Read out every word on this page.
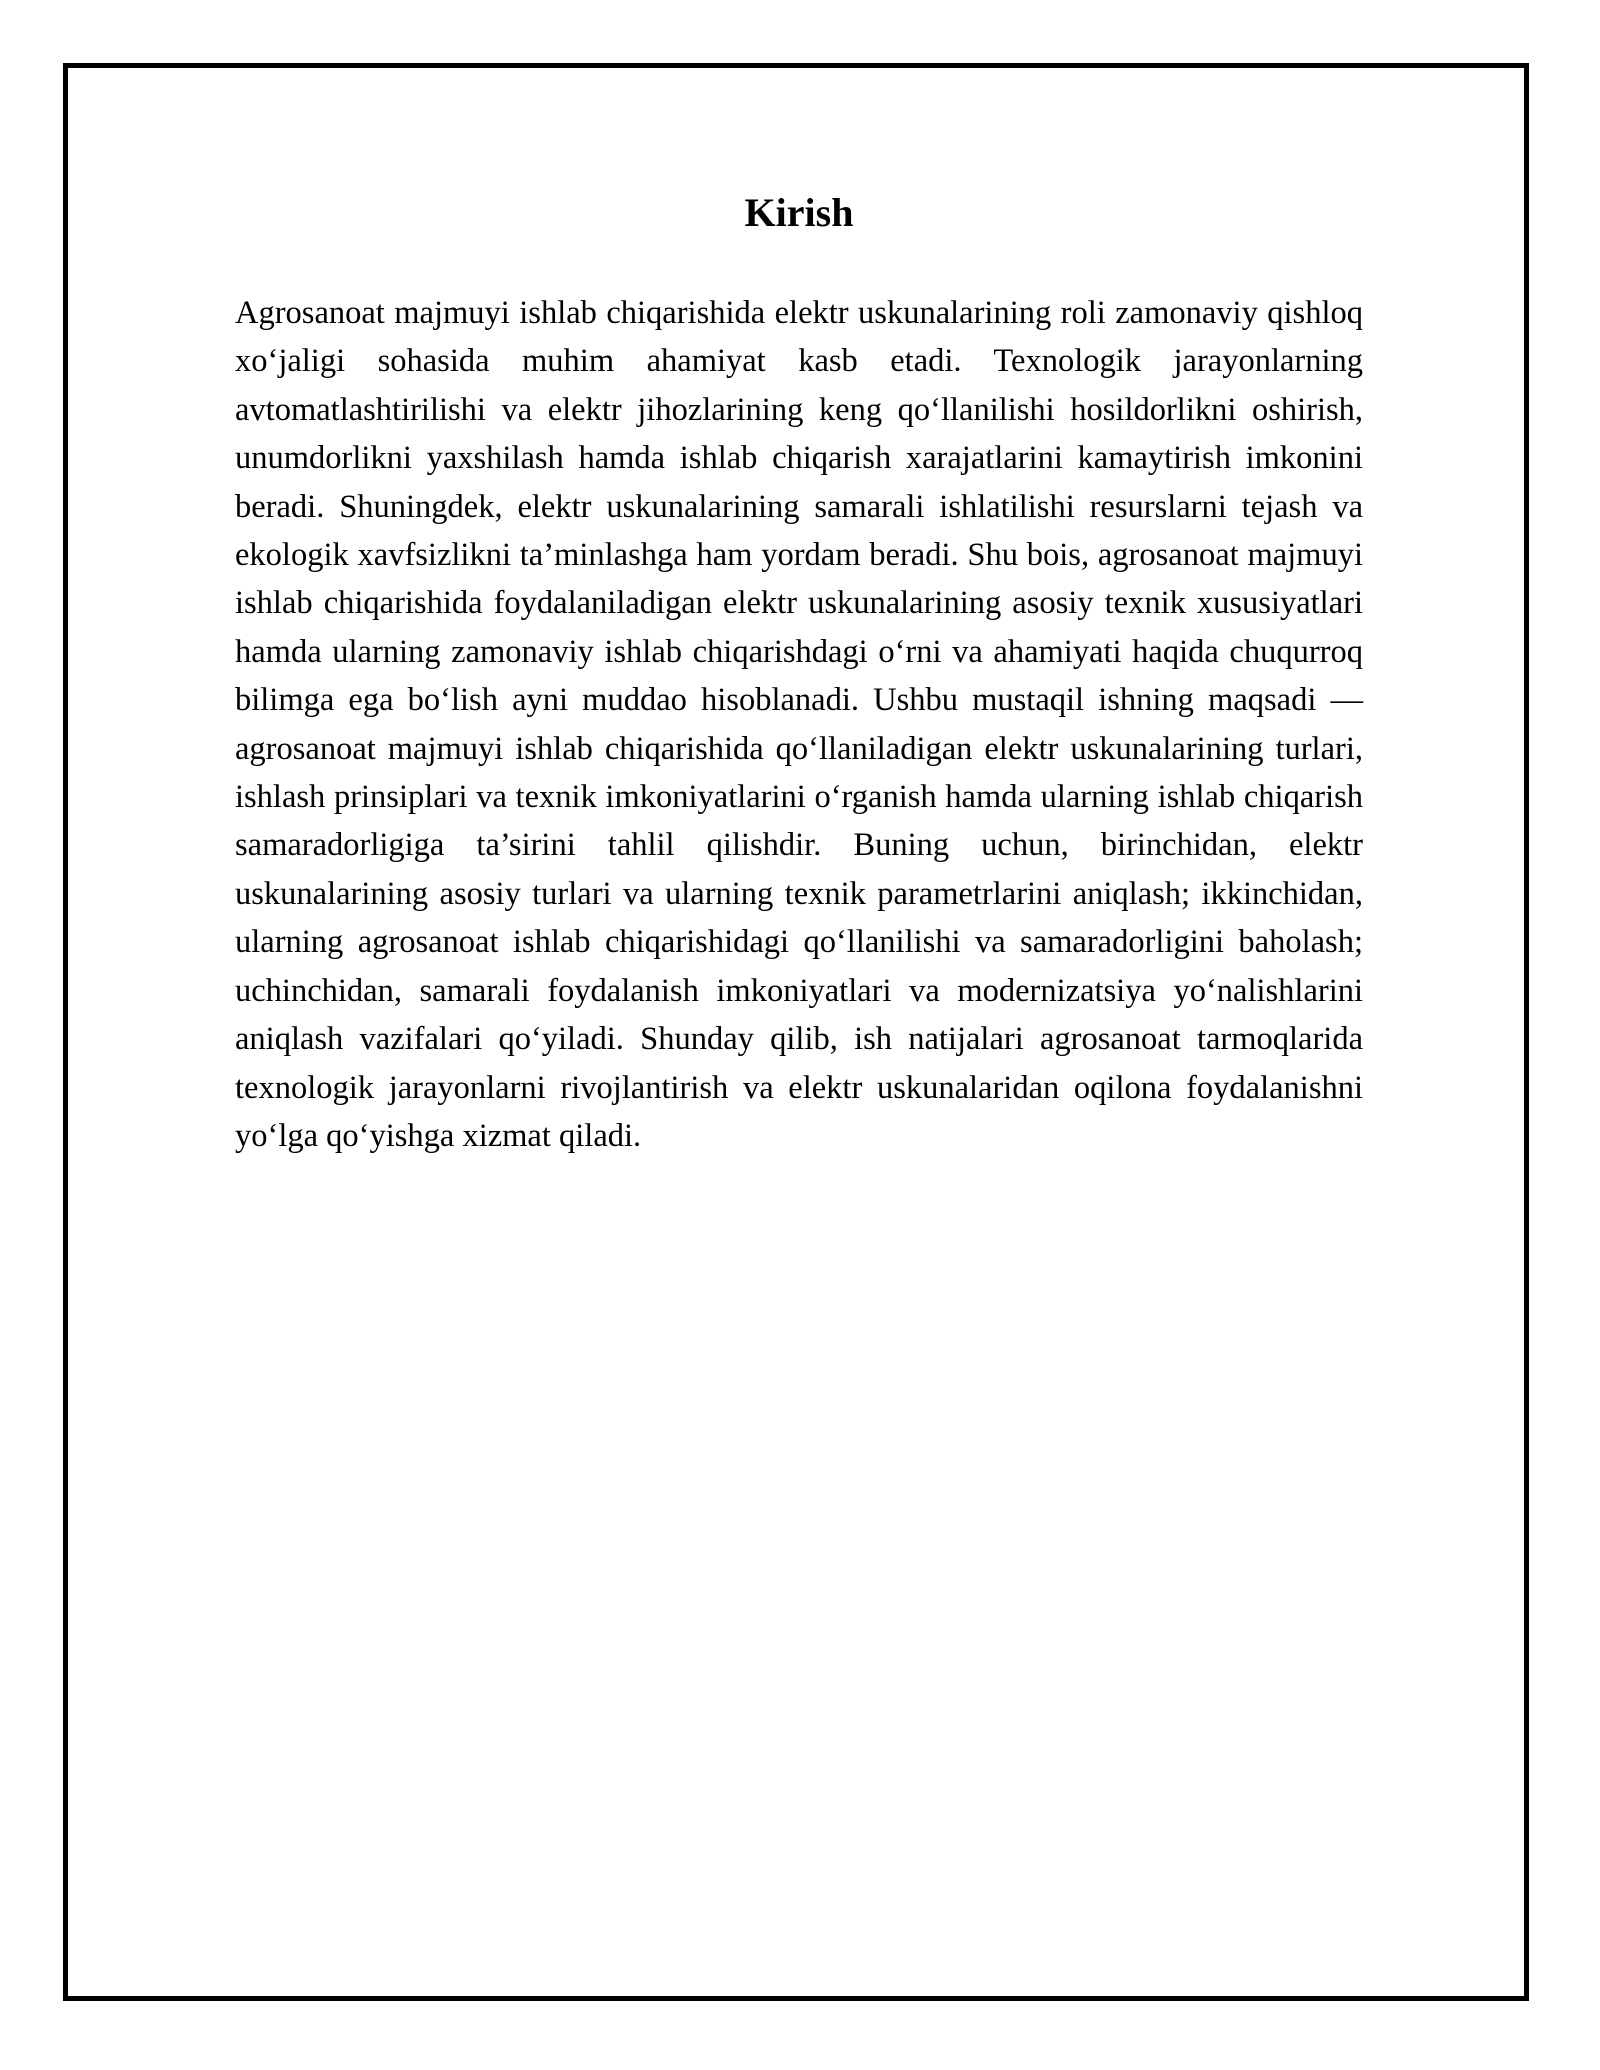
Kirish

Agrosanoat majmuyi ishlab chiqarishida elektr uskunalarining roli zamonaviy qishloq xo‘jaligi sohasida muhim ahamiyat kasb etadi. Texnologik jarayonlarning avtomatlashtirilishi va elektr jihozlarining keng qo‘llanilishi hosildorlikni oshirish, unumdorlikni yaxshilash hamda ishlab chiqarish xarajatlarini kamaytirish imkonini beradi. Shuningdek, elektr uskunalarining samarali ishlatilishi resurslarni tejash va ekologik xavfsizlikni ta’minlashga ham yordam beradi. Shu bois, agrosanoat majmuyi ishlab chiqarishida foydalaniladigan elektr uskunalarining asosiy texnik xususiyatlari hamda ularning zamonaviy ishlab chiqarishdagi o‘rni va ahamiyati haqida chuqurroq bilimga ega bo‘lish ayni muddao hisoblanadi. Ushbu mustaqil ishning maqsadi — agrosanoat majmuyi ishlab chiqarishida qo‘llaniladigan elektr uskunalarining turlari, ishlash prinsiplari va texnik imkoniyatlarini o‘rganish hamda ularning ishlab chiqarish samaradorligiga ta’sirini tahlil qilishdir. Buning uchun, birinchidan, elektr uskunalarining asosiy turlari va ularning texnik parametrlarini aniqlash; ikkinchidan, ularning agrosanoat ishlab chiqarishidagi qo‘llanilishi va samaradorligini baholash; uchinchidan, samarali foydalanish imkoniyatlari va modernizatsiya yo‘nalishlarini aniqlash vazifalari qo‘yiladi. Shunday qilib, ish natijalari agrosanoat tarmoqlarida texnologik jarayonlarni rivojlantirish va elektr uskunalaridan oqilona foydalanishni yo‘lga qo‘yishga xizmat qiladi.
